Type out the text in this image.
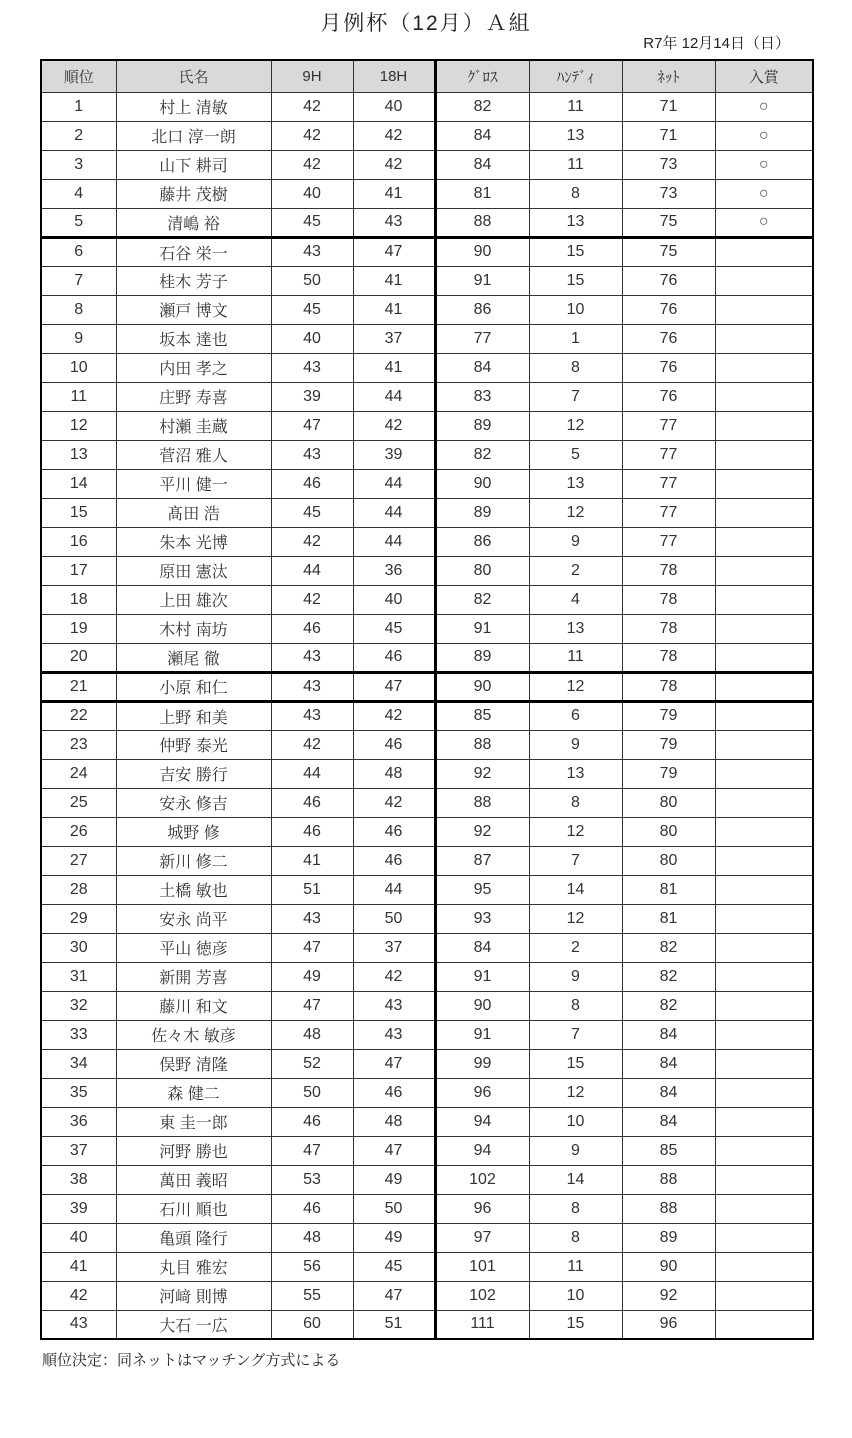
月例杯（12月）Ａ組
R7年 12月14日（日）
順位	氏名	9H	18H	ｸﾞﾛｽ	ﾊﾝﾃﾞｨ	ﾈｯﾄ	入賞
1	村上 清敏	42	40	82	11	71	○
2	北口 淳一朗	42	42	84	13	71	○
3	山下 耕司	42	42	84	11	73	○
4	藤井 茂樹	40	41	81	8	73	○
5	清嶋 裕	45	43	88	13	75	○
6	石谷 栄一	43	47	90	15	75	
7	桂木 芳子	50	41	91	15	76	
8	瀬戸 博文	45	41	86	10	76	
9	坂本 達也	40	37	77	1	76	
10	内田 孝之	43	41	84	8	76	
11	庄野 寿喜	39	44	83	7	76	
12	村瀬 圭蔵	47	42	89	12	77	
13	菅沼 雅人	43	39	82	5	77	
14	平川 健一	46	44	90	13	77	
15	髙田 浩	45	44	89	12	77	
16	朱本 光博	42	44	86	9	77	
17	原田 憲汰	44	36	80	2	78	
18	上田 雄次	42	40	82	4	78	
19	木村 南坊	46	45	91	13	78	
20	瀬尾 徹	43	46	89	11	78	
21	小原 和仁	43	47	90	12	78	
22	上野 和美	43	42	85	6	79	
23	仲野 泰光	42	46	88	9	79	
24	吉安 勝行	44	48	92	13	79	
25	安永 修吉	46	42	88	8	80	
26	城野 修	46	46	92	12	80	
27	新川 修二	41	46	87	7	80	
28	土橋 敏也	51	44	95	14	81	
29	安永 尚平	43	50	93	12	81	
30	平山 徳彦	47	37	84	2	82	
31	新開 芳喜	49	42	91	9	82	
32	藤川 和文	47	43	90	8	82	
33	佐々木 敏彦	48	43	91	7	84	
34	俣野 清隆	52	47	99	15	84	
35	森 健二	50	46	96	12	84	
36	東 圭一郎	46	48	94	10	84	
37	河野 勝也	47	47	94	9	85	
38	萬田 義昭	53	49	102	14	88	
39	石川 順也	46	50	96	8	88	
40	亀頭 隆行	48	49	97	8	89	
41	丸目 雅宏	56	45	101	11	90	
42	河﨑 則博	55	47	102	10	92	
43	大石 一広	60	51	111	15	96	
順位決定：同ネットはマッチング方式による
